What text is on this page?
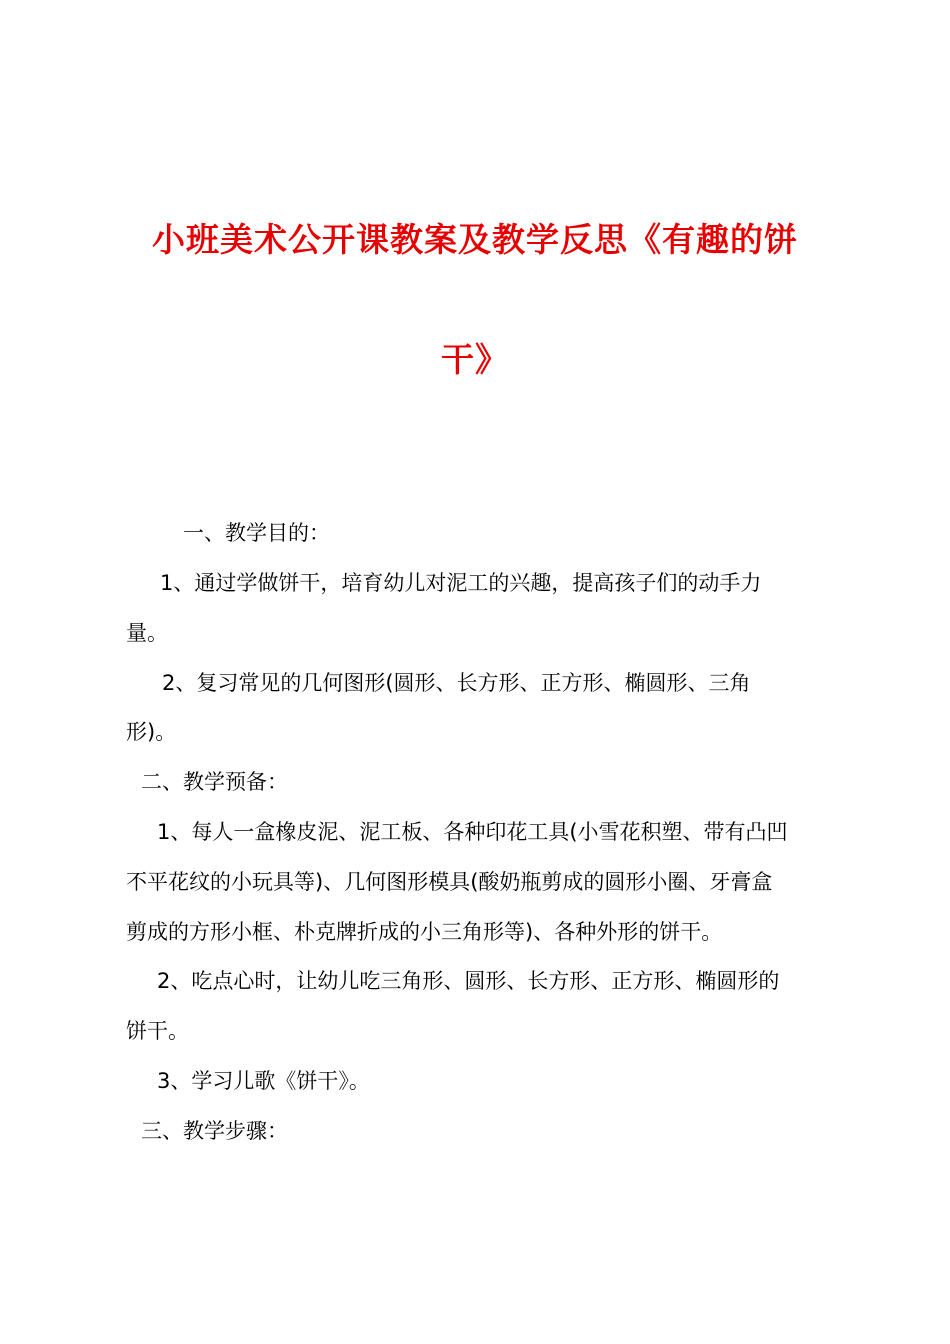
小班美术公开课教案及教学反思《有趣的饼
干》
一、教学目的：
1、通过学做饼干，培育幼儿对泥工的兴趣，提高孩子们的动手力
量。
2、复习常见的几何图形(圆形、长方形、正方形、椭圆形、三角
形)。
二、教学预备：
1、每人一盒橡皮泥、泥工板、各种印花工具(小雪花积塑、带有凸凹
不平花纹的小玩具等)、几何图形模具(酸奶瓶剪成的圆形小圈、牙膏盒
剪成的方形小框、朴克牌折成的小三角形等)、各种外形的饼干。
2、吃点心时，让幼儿吃三角形、圆形、长方形、正方形、椭圆形的
饼干。
3、学习儿歌《饼干》。
三、教学步骤：
